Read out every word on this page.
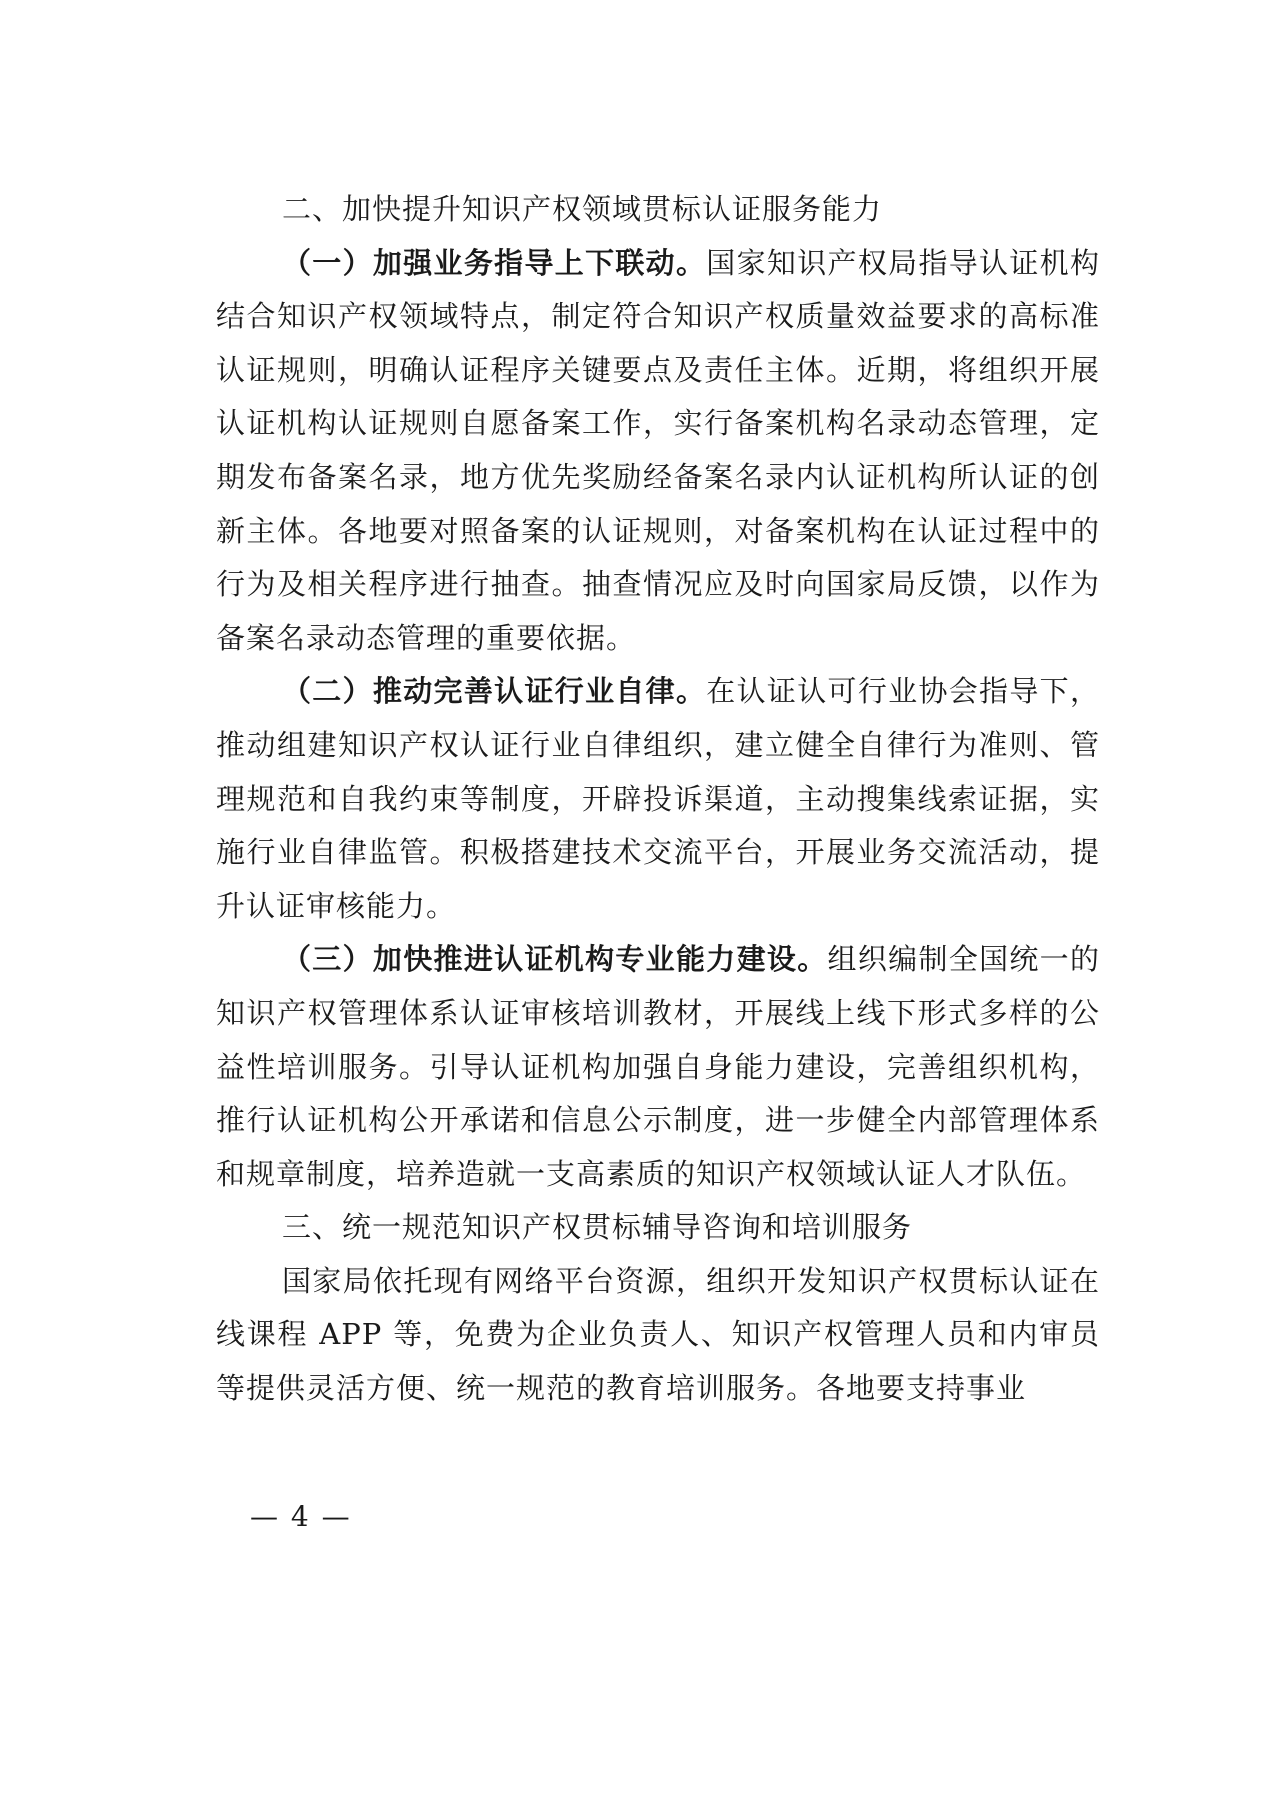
二、加快提升知识产权领域贯标认证服务能力

（一）加强业务指导上下联动。国家知识产权局指导认证机构结合知识产权领域特点，制定符合知识产权质量效益要求的高标准认证规则，明确认证程序关键要点及责任主体。近期，将组织开展认证机构认证规则自愿备案工作，实行备案机构名录动态管理，定期发布备案名录，地方优先奖励经备案名录内认证机构所认证的创新主体。各地要对照备案的认证规则，对备案机构在认证过程中的行为及相关程序进行抽查。抽查情况应及时向国家局反馈，以作为备案名录动态管理的重要依据。

（二）推动完善认证行业自律。在认证认可行业协会指导下，推动组建知识产权认证行业自律组织，建立健全自律行为准则、管理规范和自我约束等制度，开辟投诉渠道，主动搜集线索证据，实施行业自律监管。积极搭建技术交流平台，开展业务交流活动，提升认证审核能力。

（三）加快推进认证机构专业能力建设。组织编制全国统一的知识产权管理体系认证审核培训教材，开展线上线下形式多样的公益性培训服务。引导认证机构加强自身能力建设，完善组织机构，推行认证机构公开承诺和信息公示制度，进一步健全内部管理体系和规章制度，培养造就一支高素质的知识产权领域认证人才队伍。

三、统一规范知识产权贯标辅导咨询和培训服务

国家局依托现有网络平台资源，组织开发知识产权贯标认证在线课程 APP 等，免费为企业负责人、知识产权管理人员和内审员等提供灵活方便、统一规范的教育培训服务。各地要支持事业

— 4 —
